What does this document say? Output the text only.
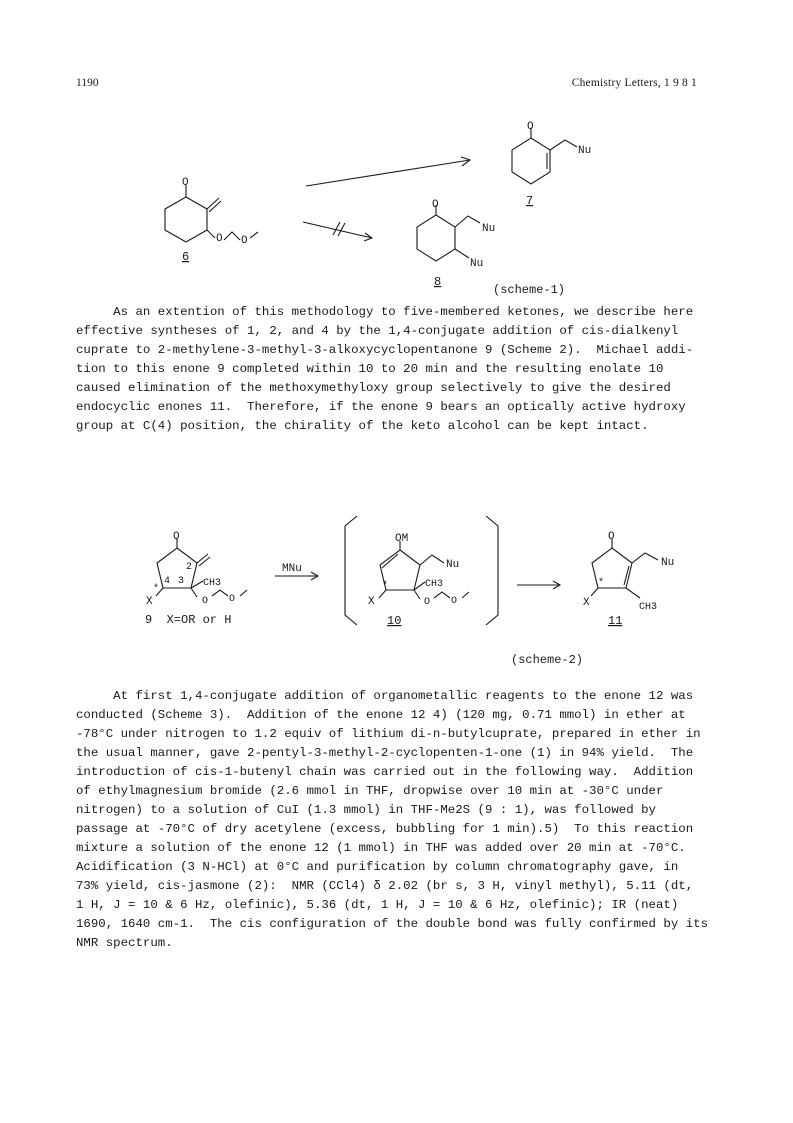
1190	Chemistry Letters, 1 9 8 1
O
O O
6
O
Nu
7
O
Nu
Nu
8
(scheme-1)
As an extention of this methodology to five-membered ketones, we describe here
effective syntheses of 1, 2, and 4 by the 1,4-conjugate addition of cis-dialkenyl
cuprate to 2-methylene-3-methyl-3-alkoxycyclopentanone 9 (Scheme 2).  Michael addi-
tion to this enone 9 completed within 10 to 20 min and the resulting enolate 10
caused elimination of the methoxymethyloxy group selectively to give the desired
endocyclic enones 11.  Therefore, if the enone 9 bears an optically active hydroxy
group at C(4) position, the chirality of the keto alcohol can be kept intact.
O
2
4 3
*
X
CH3
O O
9  X=OR or H
MNu
OM
Nu
*
X
CH3
O O
10
O
Nu
*
X	CH3
11
(scheme-2)
At first 1,4-conjugate addition of organometallic reagents to the enone 12 was
conducted (Scheme 3).  Addition of the enone 12 4) (120 mg, 0.71 mmol) in ether at
-78°C under nitrogen to 1.2 equiv of lithium di-n-butylcuprate, prepared in ether in
the usual manner, gave 2-pentyl-3-methyl-2-cyclopenten-1-one (1) in 94% yield.  The
introduction of cis-1-butenyl chain was carried out in the following way.  Addition
of ethylmagnesium bromide (2.6 mmol in THF, dropwise over 10 min at -30°C under
nitrogen) to a solution of CuI (1.3 mmol) in THF-Me2S (9 : 1), was followed by
passage at -70°C of dry acetylene (excess, bubbling for 1 min).5)  To this reaction
mixture a solution of the enone 12 (1 mmol) in THF was added over 20 min at -70°C.
Acidification (3 N-HCl) at 0°C and purification by column chromatography gave, in
73% yield, cis-jasmone (2):  NMR (CCl4) δ 2.02 (br s, 3 H, vinyl methyl), 5.11 (dt,
1 H, J = 10 & 6 Hz, olefinic), 5.36 (dt, 1 H, J = 10 & 6 Hz, olefinic); IR (neat)
1690, 1640 cm-1.  The cis configuration of the double bond was fully confirmed by its
NMR spectrum.
